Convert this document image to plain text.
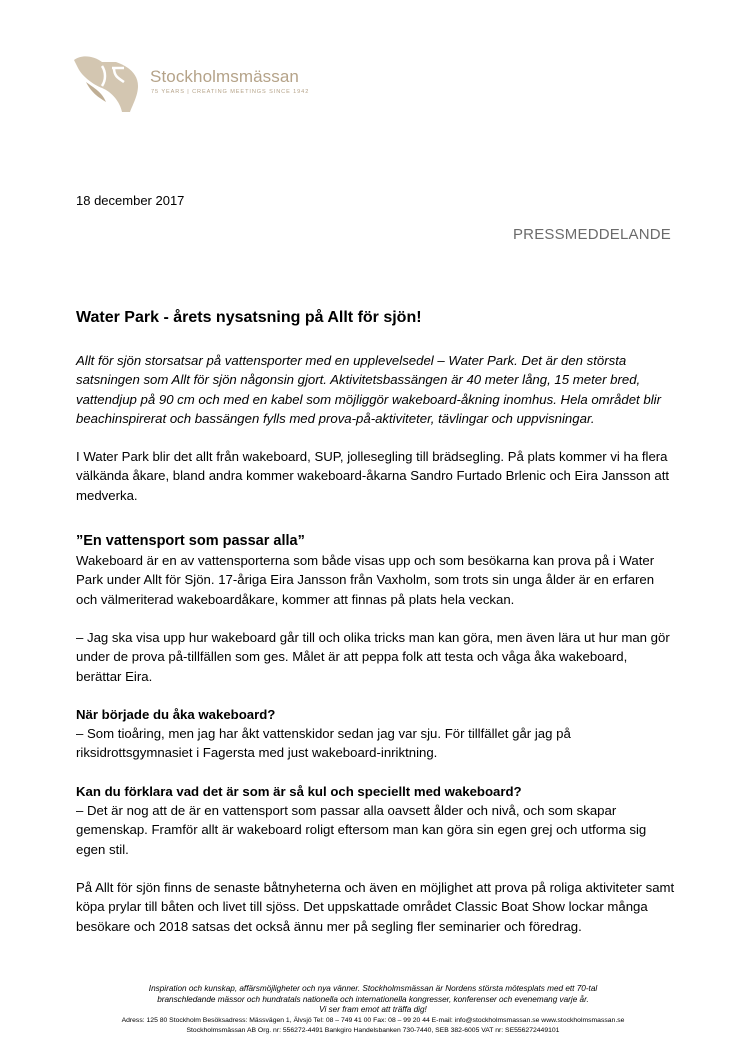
Stockholmsmässan
75 YEARS | CREATING MEETINGS SINCE 1942
18 december 2017
PRESSMEDDELANDE
Water Park - årets nysatsning på Allt för sjön!

Allt för sjön storsatsar på vattensporter med en upplevelsedel – Water Park. Det är den största satsningen som Allt för sjön någonsin gjort. Aktivitetsbassängen är 40 meter lång, 15 meter bred, vattendjup på 90 cm och med en kabel som möjliggör wakeboard-åkning inomhus. Hela området blir beachinspirerat och bassängen fylls med prova-på-aktiviteter, tävlingar och uppvisningar.

I Water Park blir det allt från wakeboard, SUP, jollesegling till brädsegling. På plats kommer vi ha flera välkända åkare, bland andra kommer wakeboard-åkarna Sandro Furtado Brlenic och Eira Jansson att medverka.

”En vattensport som passar alla”

Wakeboard är en av vattensporterna som både visas upp och som besökarna kan prova på i Water Park under Allt för Sjön. 17-åriga Eira Jansson från Vaxholm, som trots sin unga ålder är en erfaren och välmeriterad wakeboardåkare, kommer att finnas på plats hela veckan.

– Jag ska visa upp hur wakeboard går till och olika tricks man kan göra, men även lära ut hur man gör under de prova på-tillfällen som ges. Målet är att peppa folk att testa och våga åka wakeboard, berättar Eira.

När började du åka wakeboard?

– Som tioåring, men jag har åkt vattenskidor sedan jag var sju. För tillfället går jag på riksidrottsgymnasiet i Fagersta med just wakeboard-inriktning.

Kan du förklara vad det är som är så kul och speciellt med wakeboard?

– Det är nog att de är en vattensport som passar alla oavsett ålder och nivå, och som skapar gemenskap. Framför allt är wakeboard roligt eftersom man kan göra sin egen grej och utforma sig egen stil.

På Allt för sjön finns de senaste båtnyheterna och även en möjlighet att prova på roliga aktiviteter samt köpa prylar till båten och livet till sjöss. Det uppskattade området Classic Boat Show lockar många besökare och 2018 satsas det också ännu mer på segling fler seminarier och föredrag.

Inspiration och kunskap, affärsmöjligheter och nya vänner. Stockholmsmässan är Nordens största mötesplats med ett 70-tal
branschledande mässor och hundratals nationella och internationella kongresser, konferenser och evenemang varje år.
Vi ser fram emot att träffa dig!
Adress: 125 80 Stockholm Besöksadress: Mässvägen 1, Älvsjö Tel: 08 – 749 41 00 Fax: 08 – 99 20 44 E-mail: info@stockholmsmassan.se www.stockholmsmassan.se
Stockholmsmässan AB Org. nr: 556272-4491 Bankgiro Handelsbanken 730-7440, SEB 382-6005 VAT nr: SE556272449101
